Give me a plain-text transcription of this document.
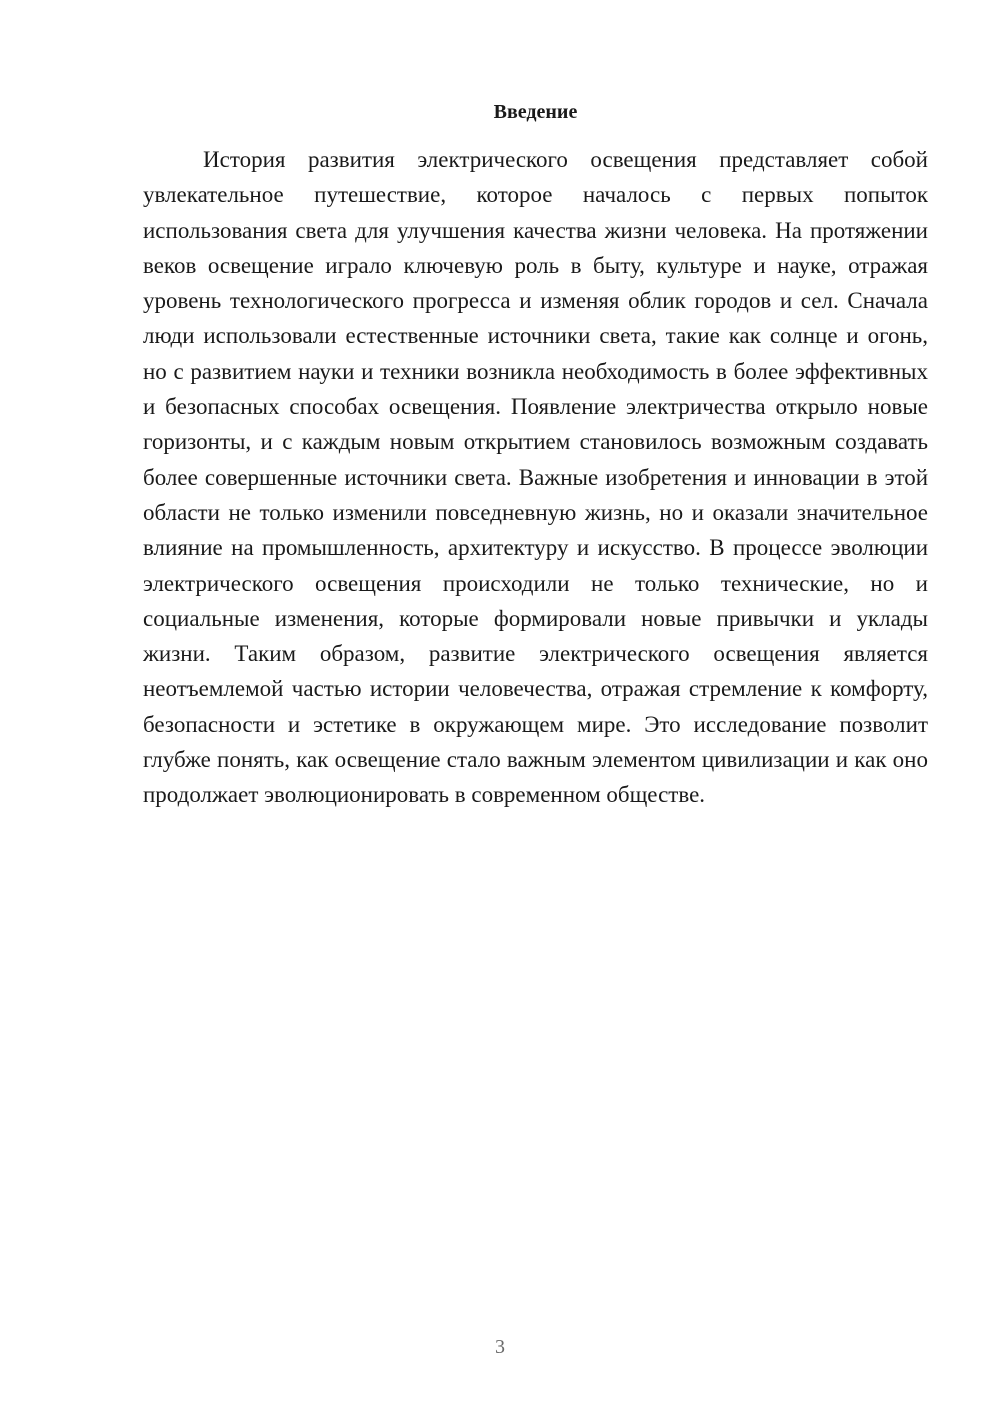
Введение

История развития электрического освещения представляет собой увлекательное путешествие, которое началось с первых попыток использования света для улучшения качества жизни человека. На протяжении веков освещение играло ключевую роль в быту, культуре и науке, отражая уровень технологического прогресса и изменяя облик городов и сел. Сначала люди использовали естественные источники света, такие как солнце и огонь, но с развитием науки и техники возникла необходимость в более эффективных и безопасных способах освещения. Появление электричества открыло новые горизонты, и с каждым новым открытием становилось возможным создавать более совершенные источники света. Важные изобретения и инновации в этой области не только изменили повседневную жизнь, но и оказали значительное влияние на промышленность, архитектуру и искусство. В процессе эволюции электрического освещения происходили не только технические, но и социальные изменения, которые формировали новые привычки и уклады жизни. Таким образом, развитие электрического освещения является неотъемлемой частью истории человечества, отражая стремление к комфорту, безопасности и эстетике в окружающем мире. Это исследование позволит глубже понять, как освещение стало важным элементом цивилизации и как оно продолжает эволюционировать в современном обществе.

3
